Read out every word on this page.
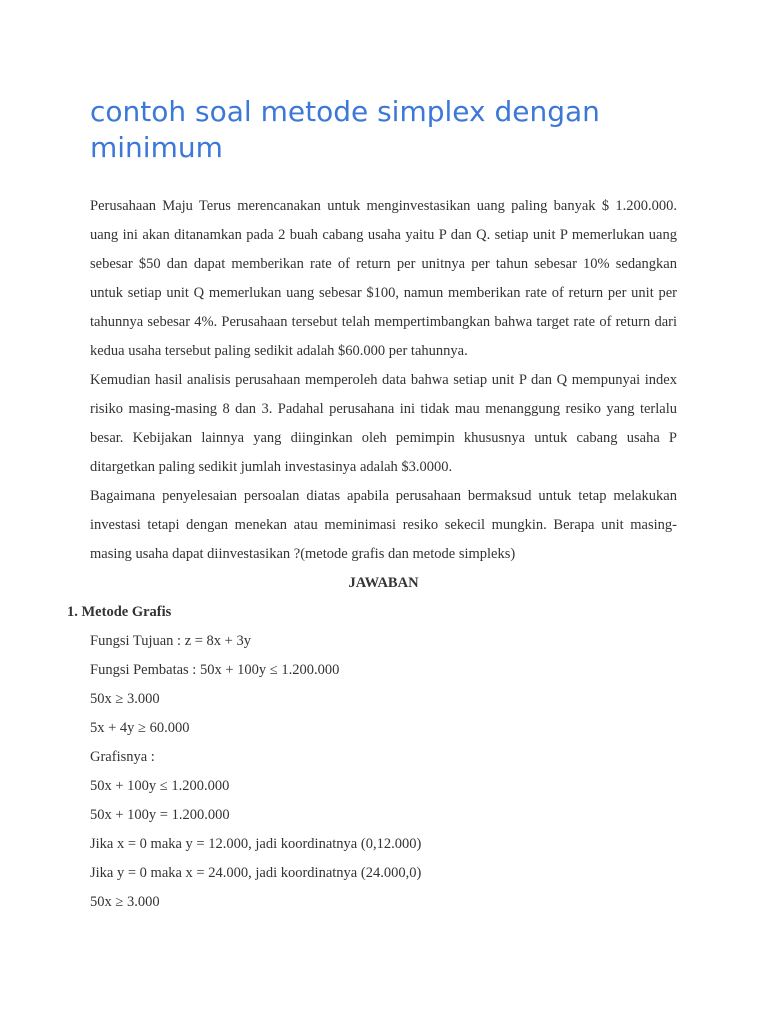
contoh soal metode simplex dengan minimum

Perusahaan Maju Terus merencanakan untuk menginvestasikan uang paling banyak $ 1.200.000. uang ini akan ditanamkan pada 2 buah cabang usaha yaitu P dan Q. setiap unit P memerlukan uang sebesar $50 dan dapat memberikan rate of return per unitnya per tahun sebesar 10% sedangkan untuk setiap unit Q memerlukan uang sebesar $100, namun memberikan rate of return per unit per tahunnya sebesar 4%. Perusahaan tersebut telah mempertimbangkan bahwa target rate of return dari kedua usaha tersebut paling sedikit adalah $60.000 per tahunnya.

Kemudian hasil analisis perusahaan memperoleh data bahwa setiap unit P dan Q mempunyai index risiko masing-masing 8 dan 3. Padahal perusahana ini tidak mau menanggung resiko yang terlalu besar. Kebijakan lainnya yang diinginkan oleh pemimpin khususnya untuk cabang usaha P ditargetkan paling sedikit jumlah investasinya adalah $3.0000.

Bagaimana penyelesaian persoalan diatas apabila perusahaan bermaksud untuk tetap melakukan investasi tetapi dengan menekan atau meminimasi resiko sekecil mungkin. Berapa unit masing-masing usaha dapat diinvestasikan ?(metode grafis dan metode simpleks)

JAWABAN

1. Metode Grafis

Fungsi Tujuan : z = 8x + 3y

Fungsi Pembatas : 50x + 100y ≤ 1.200.000

50x ≥ 3.000

5x + 4y ≥ 60.000

Grafisnya :

50x + 100y ≤ 1.200.000

50x + 100y = 1.200.000

Jika x = 0 maka y = 12.000, jadi koordinatnya (0,12.000)

Jika y = 0 maka x = 24.000, jadi koordinatnya (24.000,0)

50x ≥ 3.000
